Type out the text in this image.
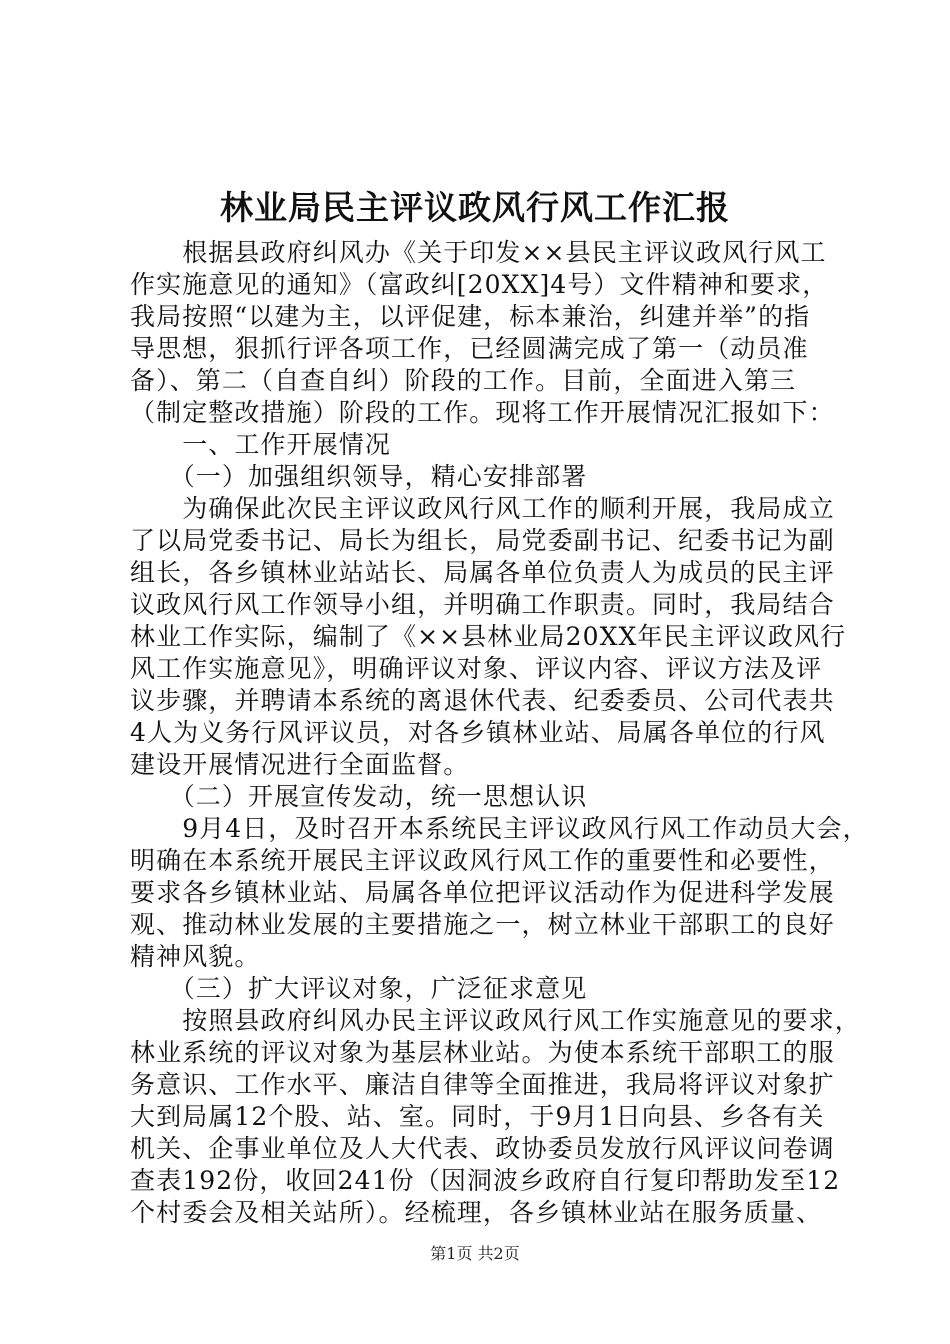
林业局民主评议政风行风工作汇报
　　根据县政府纠风办《关于印发××县民主评议政风行风工
作实施意见的通知》（富政纠[20XX]4号）文件精神和要求，
我局按照“以建为主，以评促建，标本兼治，纠建并举”的指
导思想，狠抓行评各项工作，已经圆满完成了第一（动员准
备）、第二（自查自纠）阶段的工作。目前，全面进入第三
（制定整改措施）阶段的工作。现将工作开展情况汇报如下：
　　一、工作开展情况
　　（一）加强组织领导，精心安排部署
　　为确保此次民主评议政风行风工作的顺利开展，我局成立
了以局党委书记、局长为组长，局党委副书记、纪委书记为副
组长，各乡镇林业站站长、局属各单位负责人为成员的民主评
议政风行风工作领导小组，并明确工作职责。同时，我局结合
林业工作实际，编制了《××县林业局20XX年民主评议政风行
风工作实施意见》，明确评议对象、评议内容、评议方法及评
议步骤，并聘请本系统的离退休代表、纪委委员、公司代表共
4人为义务行风评议员，对各乡镇林业站、局属各单位的行风
建设开展情况进行全面监督。
　　（二）开展宣传发动，统一思想认识
　　9月4日，及时召开本系统民主评议政风行风工作动员大会，
明确在本系统开展民主评议政风行风工作的重要性和必要性，
要求各乡镇林业站、局属各单位把评议活动作为促进科学发展
观、推动林业发展的主要措施之一，树立林业干部职工的良好
精神风貌。
　　（三）扩大评议对象，广泛征求意见
　　按照县政府纠风办民主评议政风行风工作实施意见的要求，
林业系统的评议对象为基层林业站。为使本系统干部职工的服
务意识、工作水平、廉洁自律等全面推进，我局将评议对象扩
大到局属12个股、站、室。同时，于9月1日向县、乡各有关
机关、企事业单位及人大代表、政协委员发放行风评议问卷调
查表192份，收回241份（因洞波乡政府自行复印帮助发至12
个村委会及相关站所）。经梳理，各乡镇林业站在服务质量、
第1页 共2页
